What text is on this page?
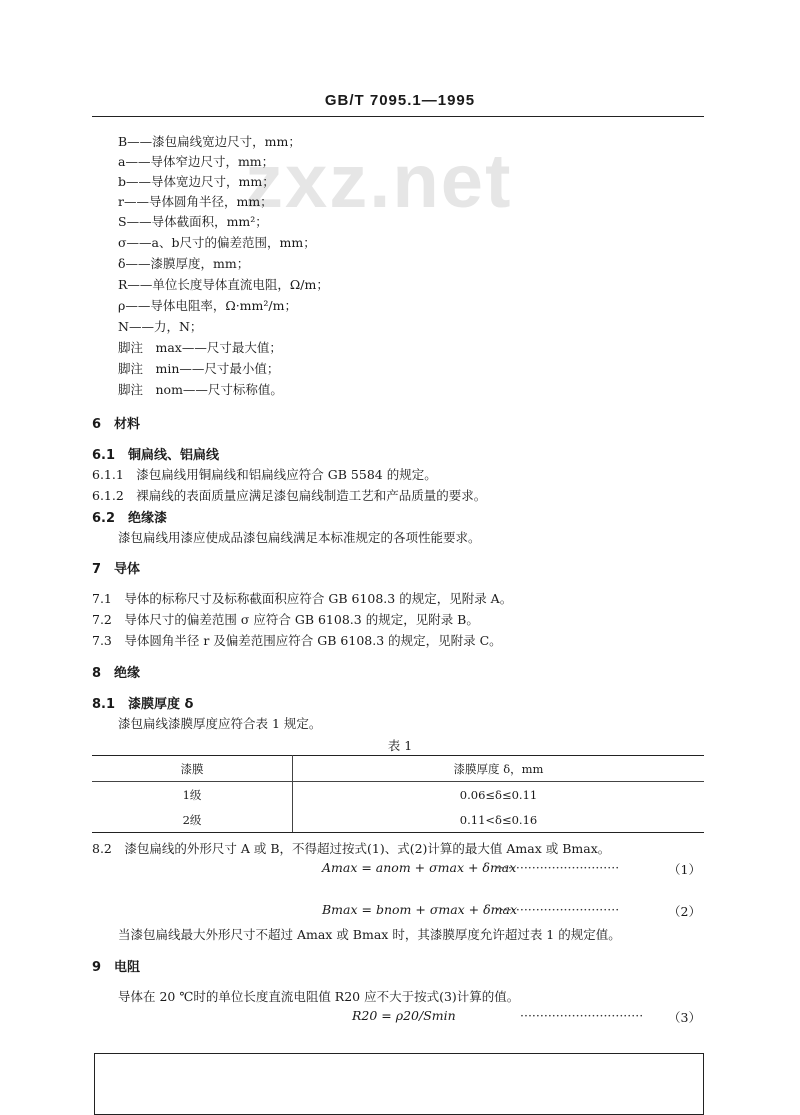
GB/T 7095.1—1995
zxz.net
B——漆包扁线宽边尺寸，mm；
a——导体窄边尺寸，mm；
b——导体宽边尺寸，mm；
r——导体圆角半径，mm；
S——导体截面积，mm²；
σ——a、b尺寸的偏差范围，mm；
δ——漆膜厚度，mm；
R——单位长度导体直流电阻，Ω/m；
ρ——导体电阻率，Ω·mm²/m；
N——力，N；
脚注　max——尺寸最大值；
脚注　min——尺寸最小值；
脚注　nom——尺寸标称值。
6　材料
6.1　铜扁线、铝扁线
6.1.1　漆包扁线用铜扁线和铝扁线应符合 GB 5584 的规定。
6.1.2　裸扁线的表面质量应满足漆包扁线制造工艺和产品质量的要求。
6.2　绝缘漆
漆包扁线用漆应使成品漆包扁线满足本标准规定的各项性能要求。
7　导体
7.1　导体的标称尺寸及标称截面积应符合 GB 6108.3 的规定，见附录 A。
7.2　导体尺寸的偏差范围 σ 应符合 GB 6108.3 的规定，见附录 B。
7.3　导体圆角半径 r 及偏差范围应符合 GB 6108.3 的规定，见附录 C。
8　绝缘
8.1　漆膜厚度 δ
漆包扁线漆膜厚度应符合表 1 规定。
表 1
漆膜	漆膜厚度 δ，mm
1级	0.06≤δ≤0.11
2级	0.11<δ≤0.16
8.2　漆包扁线的外形尺寸 A 或 B，不得超过按式(1)、式(2)计算的最大值 Amax 或 Bmax。
Amax = anom + σmax + δmax
·······························	（1）
Bmax = bnom + σmax + δmax
·······························	（2）
当漆包扁线最大外形尺寸不超过 Amax 或 Bmax 时，其漆膜厚度允许超过表 1 的规定值。
9　电阻
导体在 20 ℃时的单位长度直流电阻值 R20 应不大于按式(3)计算的值。
R20 = ρ20/Smin	······························· （3）
